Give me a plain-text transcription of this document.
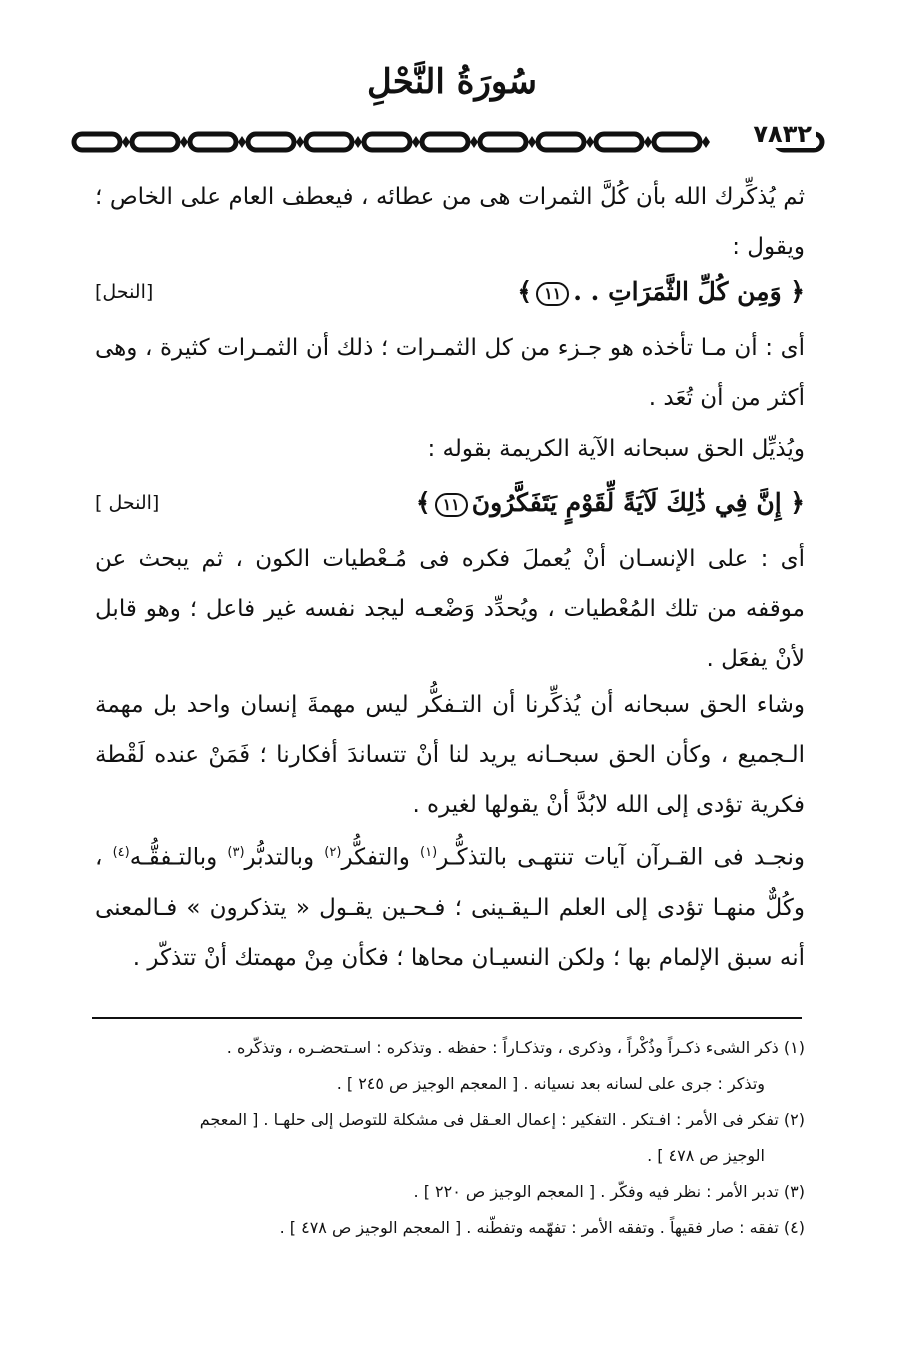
سُورَةُ النَّحْلِ
٧٨٣٢
ثم يُذكِّرك الله بأن كُلَّ الثمرات هى من عطائه ، فيعطف العام على الخاص ؛ ويقول :
﴿ وَمِن كُلِّ الثَّمَرَاتِ . .١١﴾
[النحل]
أى : أن مـا تأخذه هو جـزء من كل الثمـرات ؛ ذلك أن الثمـرات كثيرة ، وهى أكثر من أن تُعَد .
ويُذيِّل الحق سبحانه الآية الكريمة بقوله :
﴿ إِنَّ فِي ذَٰلِكَ لَآيَةً لِّقَوْمٍ يَتَفَكَّرُونَ١١﴾
[النحل ]
أى : على الإنسـان أنْ يُعملَ فكره فى مُـعْطيات الكون ، ثم يبحث عن موقفه من تلك المُعْطيات ، ويُحدِّد وَضْعـه ليجد نفسه غير فاعل ؛ وهو قابل لأنْ يفعَل .
وشاء الحق سبحانه أن يُذكِّرنا أن التـفكُّر ليس مهمةَ إنسان واحد بل مهمة الـجميع ، وكأن الحق سبحـانه يريد لنا أنْ تتساندَ أفكارنا ؛ فَمَنْ عنده لَقْطة فكرية تؤدى إلى الله لابُدَّ أنْ يقولها لغيره .
ونجـد فى القـرآن آيات تنتهـى بالتذكُّـر$^{(١)}$ والتفكُّر$^{(٢)}$ وبالتدبُّر$^{(٣)}$ وبالتـفقُّـه$^{(٤)}$ ، وكُلٌّ منهـا تؤدى إلى العلم الـيقـينى ؛ فـحـين يقـول « يتذكرون » فـالمعنى أنه سبق الإلمام بها ؛ ولكن النسيـان محاها ؛ فكأن مِنْ مهمتك أنْ تتذكّر .
(١) ذكر الشىء ذكـراً وذُكْراً ، وذكرى ، وتذكـاراً : حفظه . وتذكره : اسـتحضـره ، وتذكّره .
وتذكر : جرى على لسانه بعد نسيانه . [ المعجم الوجيز ص ٢٤٥ ] .
(٢) تفكر فى الأمر : افـتكر . التفكير : إعمال العـقل فى مشكلة للتوصل إلى حلهـا . [ المعجم
الوجيز ص ٤٧٨ ] .
(٣) تدبر الأمر : نظر فيه وفكّر . [ المعجم الوجيز ص ٢٢٠ ] .
(٤) تفقه : صار فقيهاً . وتفقه الأمر : تفهّمه وتفطّنه . [ المعجم الوجيز ص ٤٧٨ ] .
